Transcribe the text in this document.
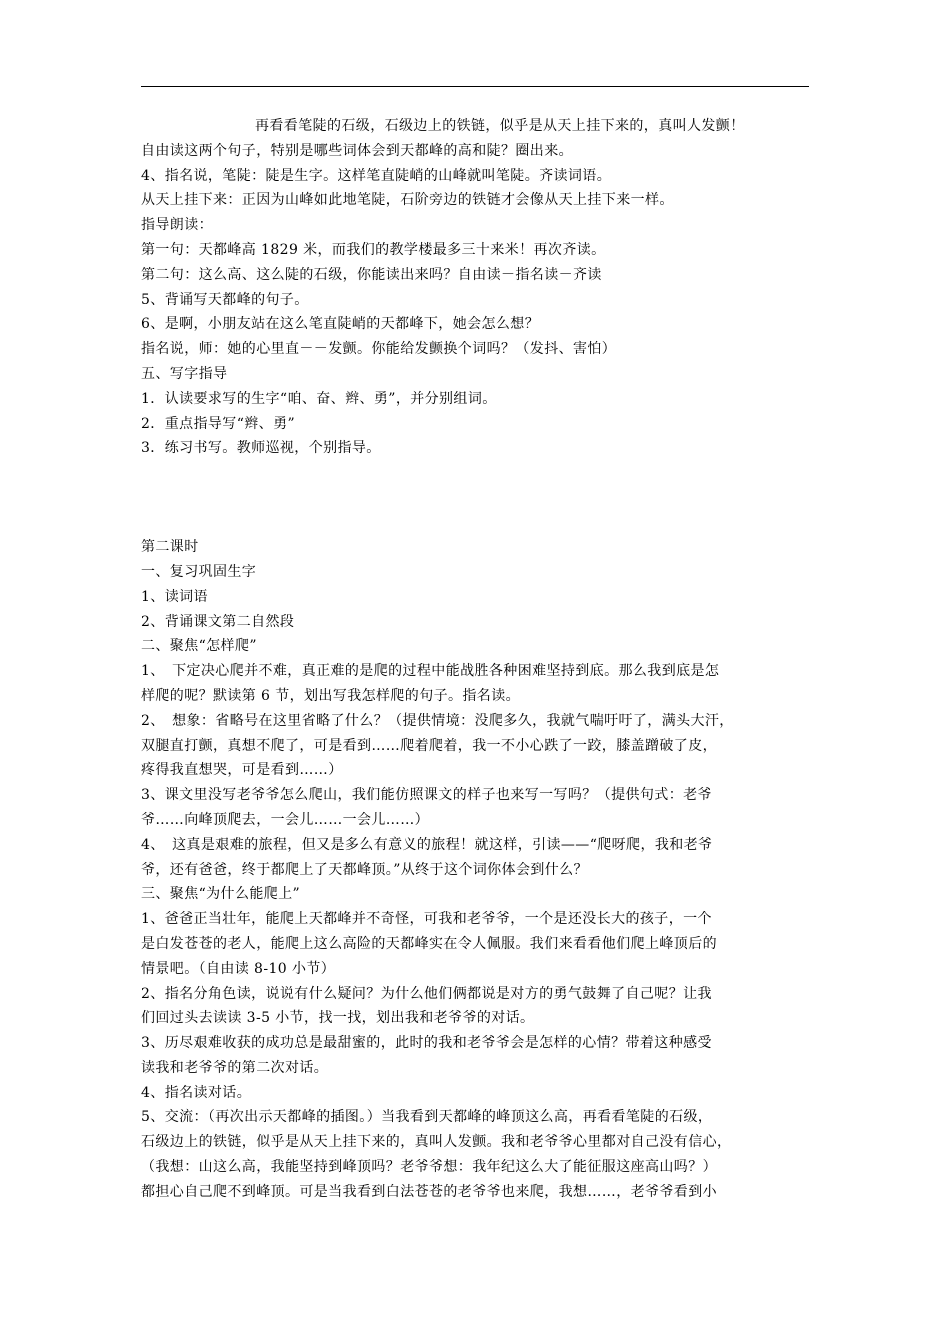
再看看笔陡的石级，石级边上的铁链，似乎是从天上挂下来的，真叫人发颤！
自由读这两个句子，特别是哪些词体会到天都峰的高和陡？圈出来。
4、指名说，笔陡：陡是生字。这样笔直陡峭的山峰就叫笔陡。齐读词语。
从天上挂下来：正因为山峰如此地笔陡，石阶旁边的铁链才会像从天上挂下来一样。
指导朗读：
第一句：天都峰高 1829 米，而我们的教学楼最多三十来米！再次齐读。
第二句：这么高、这么陡的石级，你能读出来吗？自由读－指名读－齐读
5、背诵写天都峰的句子。
6、是啊，小朋友站在这么笔直陡峭的天都峰下，她会怎么想？
指名说，师：她的心里直－－发颤。你能给发颤换个词吗？（发抖、害怕）
五、写字指导
1．认读要求写的生字“咱、奋、辫、勇”，并分别组词。
2．重点指导写“辫、勇”
3．练习书写。教师巡视，个别指导。
第二课时
一、复习巩固生字
1、读词语
2、背诵课文第二自然段
二、聚焦“怎样爬”
1、　下定决心爬并不难，真正难的是爬的过程中能战胜各种困难坚持到底。那么我到底是怎
样爬的呢？默读第 6 节，划出写我怎样爬的句子。指名读。
2、　想象：省略号在这里省略了什么？（提供情境：没爬多久，我就气喘吁吁了，满头大汗，
双腿直打颤，真想不爬了，可是看到……爬着爬着，我一不小心跌了一跤，膝盖蹭破了皮，
疼得我直想哭，可是看到……）
3、课文里没写老爷爷怎么爬山，我们能仿照课文的样子也来写一写吗？（提供句式：老爷
爷……向峰顶爬去，一会儿……一会儿……）
4、　这真是艰难的旅程，但又是多么有意义的旅程！就这样，引读——“爬呀爬，我和老爷
爷，还有爸爸，终于都爬上了天都峰顶。”从终于这个词你体会到什么？
三、聚焦“为什么能爬上”
1、爸爸正当壮年，能爬上天都峰并不奇怪，可我和老爷爷，一个是还没长大的孩子，一个
是白发苍苍的老人，能爬上这么高险的天都峰实在令人佩服。我们来看看他们爬上峰顶后的
情景吧。（自由读 8-10 小节）
2、指名分角色读，说说有什么疑问？为什么他们俩都说是对方的勇气鼓舞了自己呢？让我
们回过头去读读 3-5 小节，找一找，划出我和老爷爷的对话。
3、历尽艰难收获的成功总是最甜蜜的，此时的我和老爷爷会是怎样的心情？带着这种感受
读我和老爷爷的第二次对话。
4、指名读对话。
5、交流：（再次出示天都峰的插图。）当我看到天都峰的峰顶这么高，再看看笔陡的石级，
石级边上的铁链，似乎是从天上挂下来的，真叫人发颤。我和老爷爷心里都对自己没有信心，
（我想：山这么高，我能坚持到峰顶吗？老爷爷想：我年纪这么大了能征服这座高山吗？）
都担心自己爬不到峰顶。可是当我看到白法苍苍的老爷爷也来爬，我想……，老爷爷看到小
